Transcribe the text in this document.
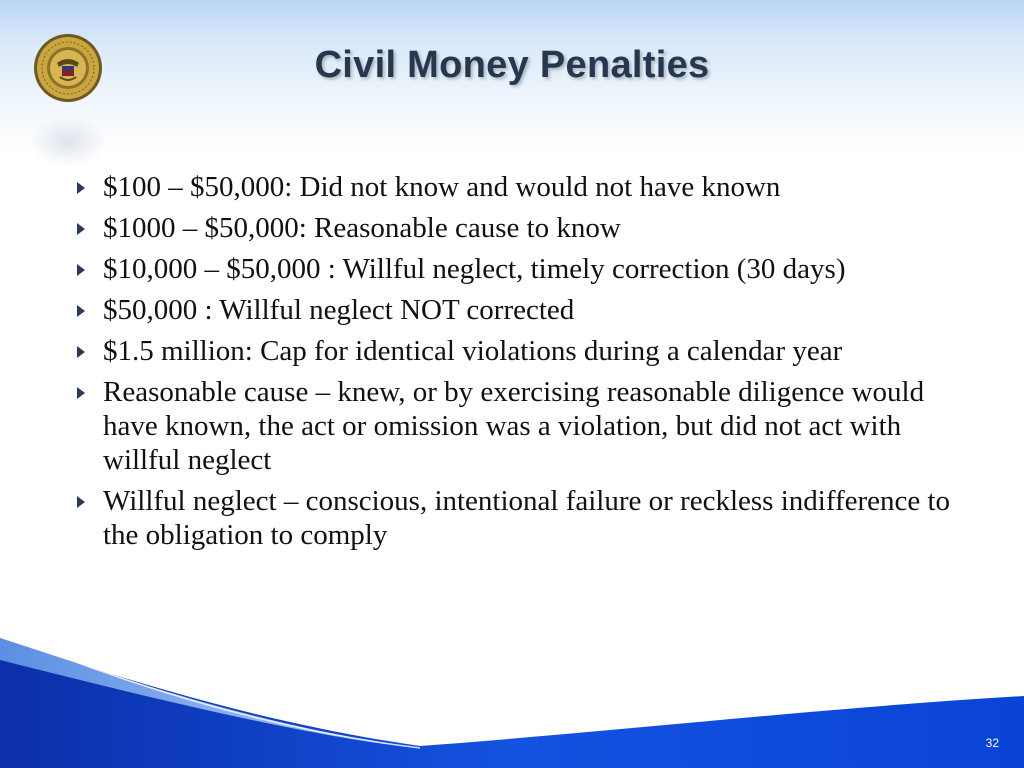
Civil Money Penalties
$100 – $50,000: Did not know and would not have known
$1000 – $50,000: Reasonable cause to know
$10,000 – $50,000 : Willful neglect, timely correction (30 days)
$50,000 : Willful neglect NOT corrected
$1.5 million: Cap for identical violations during a calendar year
Reasonable cause – knew, or by exercising reasonable diligence would have known, the act or omission was a violation, but did not act with willful neglect
Willful neglect – conscious, intentional failure or reckless indifference to the obligation to comply
32
